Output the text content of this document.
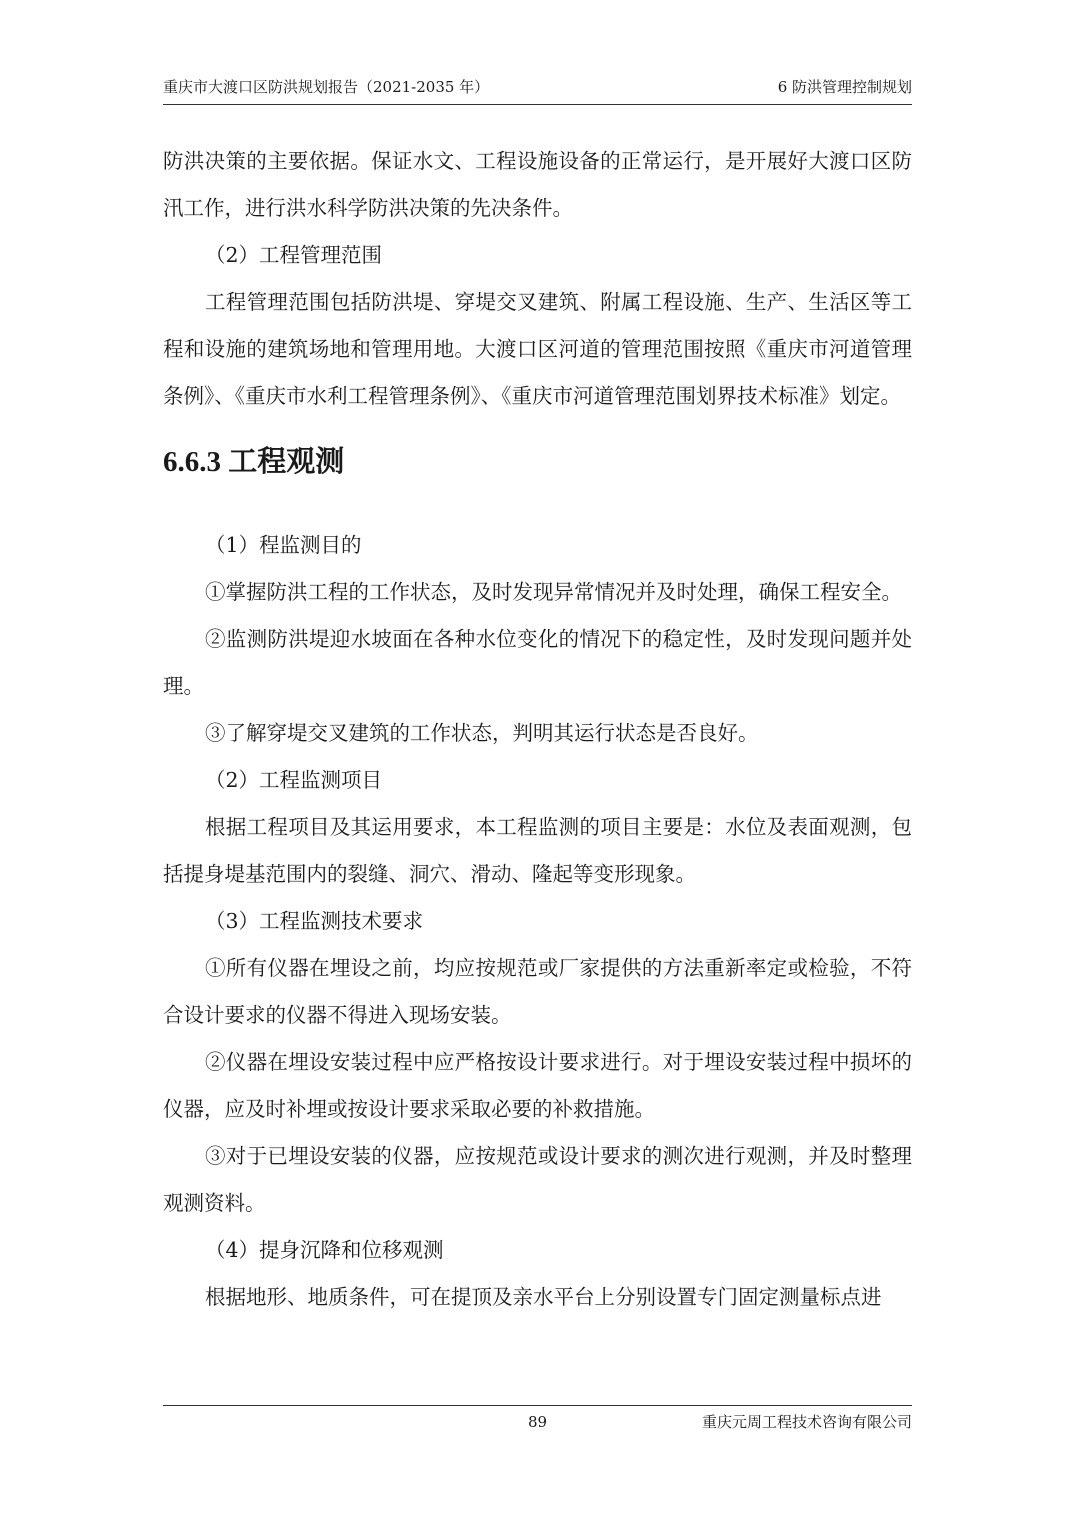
重庆市大渡口区防洪规划报告（2021-2035 年）	6 防洪管理控制规划

防洪决策的主要依据。保证水文、工程设施设备的正常运行，是开展好大渡口区防汛工作，进行洪水科学防洪决策的先决条件。

（2）工程管理范围

工程管理范围包括防洪堤、穿堤交叉建筑、附属工程设施、生产、生活区等工程和设施的建筑场地和管理用地。大渡口区河道的管理范围按照《重庆市河道管理条例》、《重庆市水利工程管理条例》、《重庆市河道管理范围划界技术标准》划定。

6.6.3 工程观测

（1）程监测目的

①掌握防洪工程的工作状态，及时发现异常情况并及时处理，确保工程安全。

②监测防洪堤迎水坡面在各种水位变化的情况下的稳定性，及时发现问题并处理。

③了解穿堤交叉建筑的工作状态，判明其运行状态是否良好。

（2）工程监测项目

根据工程项目及其运用要求，本工程监测的项目主要是：水位及表面观测，包括提身堤基范围内的裂缝、洞穴、滑动、隆起等变形现象。

（3）工程监测技术要求

①所有仪器在埋设之前，均应按规范或厂家提供的方法重新率定或检验，不符合设计要求的仪器不得进入现场安装。

②仪器在埋设安装过程中应严格按设计要求进行。对于埋设安装过程中损坏的仪器，应及时补埋或按设计要求采取必要的补救措施。

③对于已埋设安装的仪器，应按规范或设计要求的测次进行观测，并及时整理观测资料。

（4）提身沉降和位移观测

根据地形、地质条件，可在提顶及亲水平台上分别设置专门固定测量标点进

89	重庆元周工程技术咨询有限公司
